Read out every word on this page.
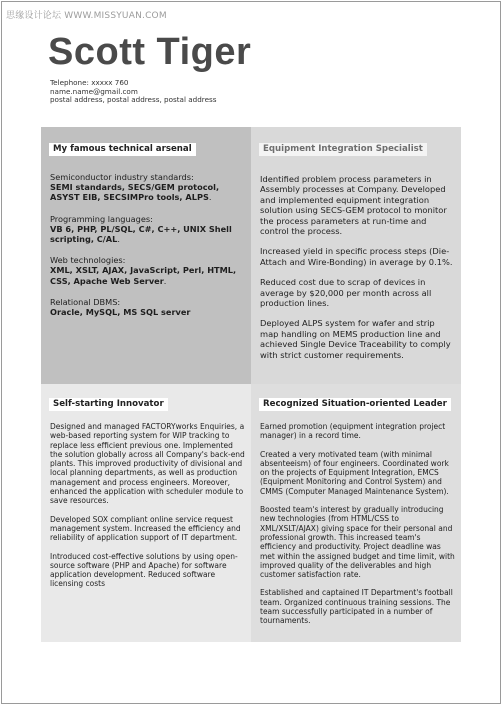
思缘设计论坛 WWW.MISSYUAN.COM
Scott Tiger
Telephone: xxxxx 760
name.name@gmail.com
postal address, postal address, postal address
My famous technical arsenal
Semiconductor industry standards:
SEMI standards, SECS/GEM protocol, ASYST EIB, SECSIMPro tools, ALPS.
Programming languages:
VB 6, PHP, PL/SQL, C#, C++, UNIX Shell scripting, C/AL.
Web technologies:
XML, XSLT, AJAX, JavaScript, Perl, HTML, CSS, Apache Web Server.
Relational DBMS:
Oracle, MySQL, MS SQL server
Equipment Integration Specialist
Identified problem process parameters in Assembly processes at Company. Developed and implemented equipment integration solution using SECS-GEM protocol to monitor the process parameters at run-time and control the process.
Increased yield in specific process steps (Die-Attach and Wire-Bonding) in average by 0.1%.
Reduced cost due to scrap of devices in average by $20,000 per month across all production lines.
Deployed ALPS system for wafer and strip map handling on MEMS production line and achieved Single Device Traceability to comply with strict customer requirements.
Self-starting Innovator
Designed and managed FACTORYworks Enquiries, a web-based reporting system for WIP tracking to replace less efficient previous one. Implemented the solution globally across all Company's back-end plants. This improved productivity of divisional and local planning departments, as well as production management and process engineers. Moreover, enhanced the application with scheduler module to save resources.
Developed SOX compliant online service request management system. Increased the efficiency and reliability of application support of IT department.
Introduced cost-effective solutions by using open-source software (PHP and Apache) for software application development. Reduced software licensing costs
Recognized Situation-oriented Leader
Earned promotion (equipment integration project manager) in a record time.
Created a very motivated team (with minimal absenteeism) of four engineers. Coordinated work on the projects of Equipment Integration, EMCS (Equipment Monitoring and Control System) and CMMS (Computer Managed Maintenance System).
Boosted team's interest by gradually introducing new technologies (from HTML/CSS to XML/XSLT/AJAX) giving space for their personal and professional growth. This increased team's efficiency and productivity. Project deadline was met within the assigned budget and time limit, with improved quality of the deliverables and high customer satisfaction rate.
Established and captained IT Department's football team. Organized continuous training sessions. The team successfully participated in a number of tournaments.
